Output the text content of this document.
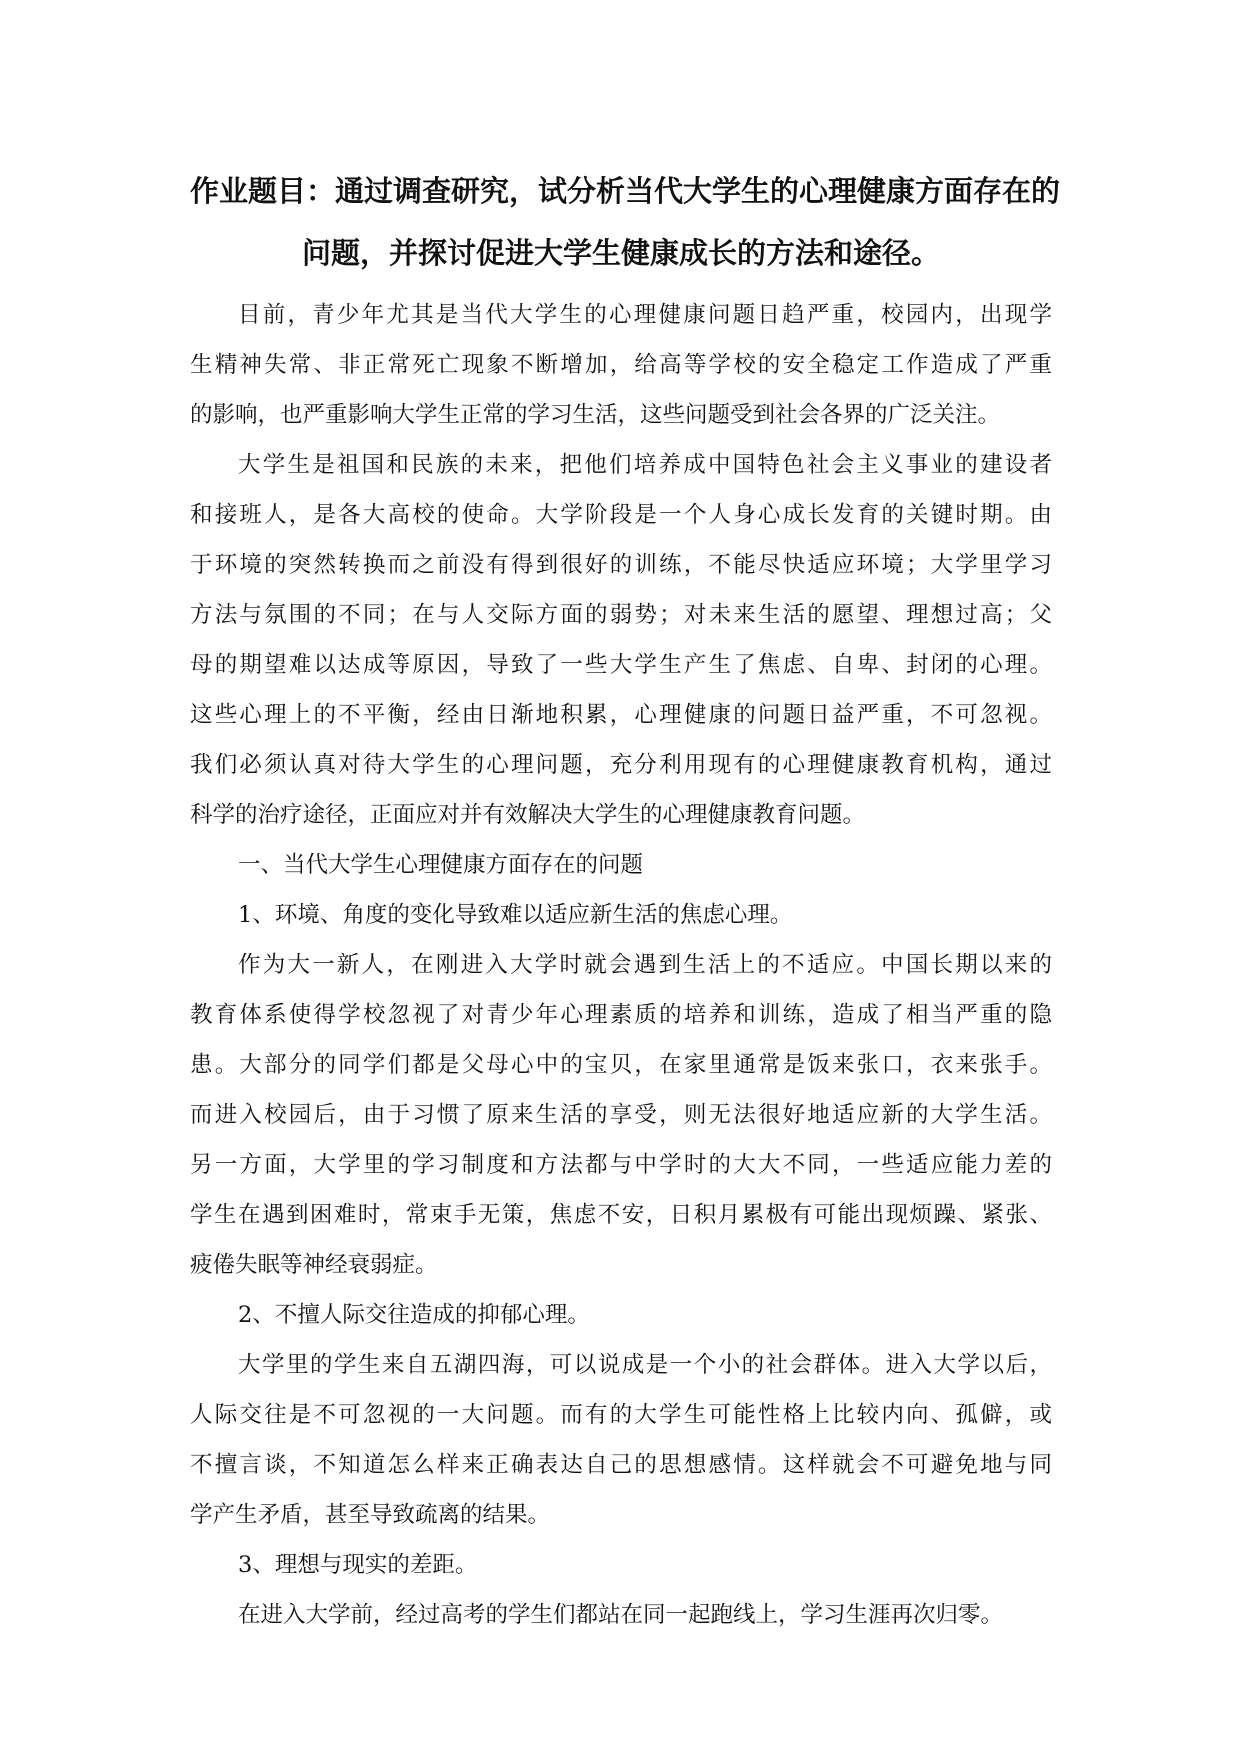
作业题目：通过调查研究，试分析当代大学生的心理健康方面存在的
问题，并探讨促进大学生健康成长的方法和途径。
目前，青少年尤其是当代大学生的心理健康问题日趋严重，校园内，出现学
生精神失常、非正常死亡现象不断增加，给高等学校的安全稳定工作造成了严重
的影响，也严重影响大学生正常的学习生活，这些问题受到社会各界的广泛关注。
大学生是祖国和民族的未来，把他们培养成中国特色社会主义事业的建设者
和接班人，是各大高校的使命。大学阶段是一个人身心成长发育的关键时期。由
于环境的突然转换而之前没有得到很好的训练，不能尽快适应环境；大学里学习
方法与氛围的不同；在与人交际方面的弱势；对未来生活的愿望、理想过高；父
母的期望难以达成等原因，导致了一些大学生产生了焦虑、自卑、封闭的心理。
这些心理上的不平衡，经由日渐地积累，心理健康的问题日益严重，不可忽视。
我们必须认真对待大学生的心理问题，充分利用现有的心理健康教育机构，通过
科学的治疗途径，正面应对并有效解决大学生的心理健康教育问题。
一、当代大学生心理健康方面存在的问题
1、环境、角度的变化导致难以适应新生活的焦虑心理。
作为大一新人，在刚进入大学时就会遇到生活上的不适应。中国长期以来的
教育体系使得学校忽视了对青少年心理素质的培养和训练，造成了相当严重的隐
患。大部分的同学们都是父母心中的宝贝，在家里通常是饭来张口，衣来张手。
而进入校园后，由于习惯了原来生活的享受，则无法很好地适应新的大学生活。
另一方面，大学里的学习制度和方法都与中学时的大大不同，一些适应能力差的
学生在遇到困难时，常束手无策，焦虑不安，日积月累极有可能出现烦躁、紧张、
疲倦失眠等神经衰弱症。
2、不擅人际交往造成的抑郁心理。
大学里的学生来自五湖四海，可以说成是一个小的社会群体。进入大学以后，
人际交往是不可忽视的一大问题。而有的大学生可能性格上比较内向、孤僻，或
不擅言谈，不知道怎么样来正确表达自己的思想感情。这样就会不可避免地与同
学产生矛盾，甚至导致疏离的结果。
3、理想与现实的差距。
在进入大学前，经过高考的学生们都站在同一起跑线上，学习生涯再次归零。
